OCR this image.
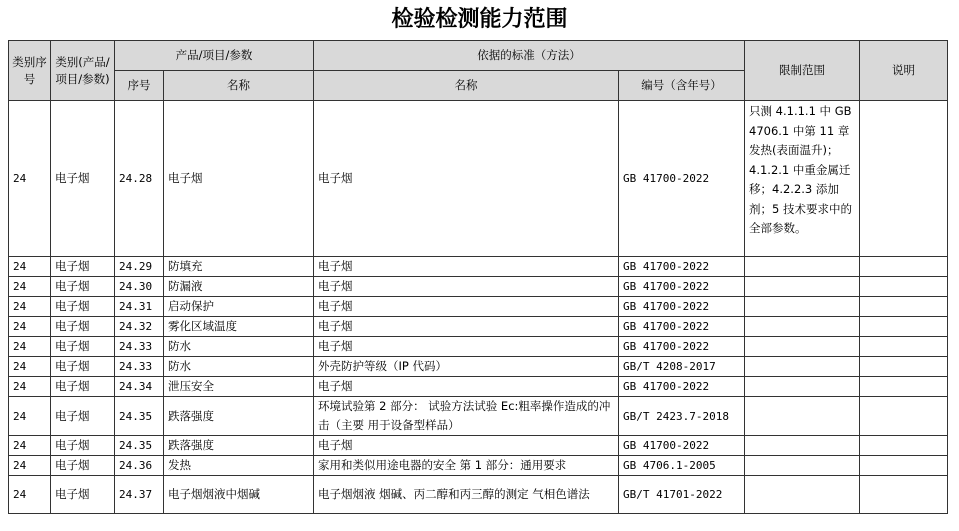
检验检测能力范围
类别序号	类别(产品/项目/参数)	产品/项目/参数		依据的标准（方法）		限制范围	说明
		序号	名称	名称	编号（含年号）		
24	电子烟	24.28	电子烟	电子烟	GB 41700-2022	只测 4.1.1.1 中 GB 4706.1 中第 11 章 发热(表面温升)；4.1.2.1 中重金属迁移；4.2.2.3 添加剂；5 技术要求中的全部参数。	
24	电子烟	24.29	防填充	电子烟	GB 41700-2022		
24	电子烟	24.30	防漏液	电子烟	GB 41700-2022		
24	电子烟	24.31	启动保护	电子烟	GB 41700-2022		
24	电子烟	24.32	雾化区域温度	电子烟	GB 41700-2022		
24	电子烟	24.33	防水	电子烟	GB 41700-2022		
24	电子烟	24.33	防水	外壳防护等级（IP 代码）	GB/T 4208-2017		
24	电子烟	24.34	泄压安全	电子烟	GB 41700-2022		
24	电子烟	24.35	跌落强度	环境试验第 2 部分： 试验方法试验 Ec:粗率操作造成的冲击（主要 用于设备型样品）	GB/T 2423.7-2018		
24	电子烟	24.35	跌落强度	电子烟	GB 41700-2022		
24	电子烟	24.36	发热	家用和类似用途电器的安全 第 1 部分：通用要求	GB 4706.1-2005		
24	电子烟	24.37	电子烟烟液中烟碱	电子烟烟液 烟碱、丙二醇和丙三醇的测定 气相色谱法	GB/T 41701-2022		
